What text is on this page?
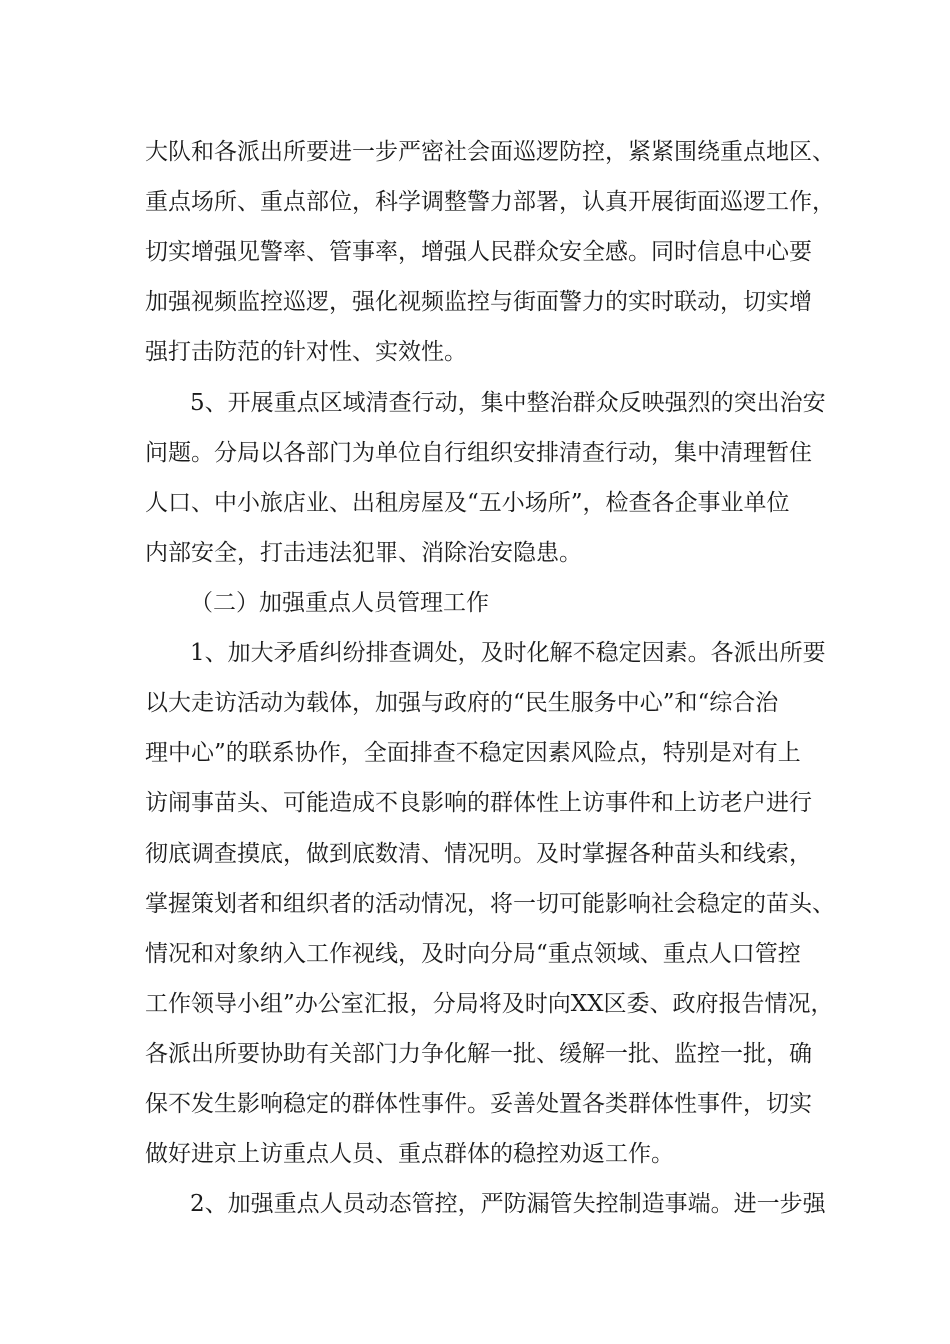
大队和各派出所要进一步严密社会面巡逻防控，紧紧围绕重点地区、
重点场所、重点部位，科学调整警力部署，认真开展街面巡逻工作，
切实增强见警率、管事率，增强人民群众安全感。同时信息中心要
加强视频监控巡逻，强化视频监控与街面警力的实时联动，切实增
强打击防范的针对性、实效性。
5、开展重点区域清查行动，集中整治群众反映强烈的突出治安
问题。分局以各部门为单位自行组织安排清查行动，集中清理暂住
人口、中小旅店业、出租房屋及“五小场所”，检查各企事业单位
内部安全，打击违法犯罪、消除治安隐患。
（二）加强重点人员管理工作
1、加大矛盾纠纷排查调处，及时化解不稳定因素。各派出所要
以大走访活动为载体，加强与政府的“民生服务中心”和“综合治
理中心”的联系协作，全面排查不稳定因素风险点，特别是对有上
访闹事苗头、可能造成不良影响的群体性上访事件和上访老户进行
彻底调查摸底，做到底数清、情况明。及时掌握各种苗头和线索，
掌握策划者和组织者的活动情况，将一切可能影响社会稳定的苗头、
情况和对象纳入工作视线，及时向分局“重点领域、重点人口管控
工作领导小组”办公室汇报，分局将及时向XX区委、政府报告情况，
各派出所要协助有关部门力争化解一批、缓解一批、监控一批，确
保不发生影响稳定的群体性事件。妥善处置各类群体性事件，切实
做好进京上访重点人员、重点群体的稳控劝返工作。
2、加强重点人员动态管控，严防漏管失控制造事端。进一步强
